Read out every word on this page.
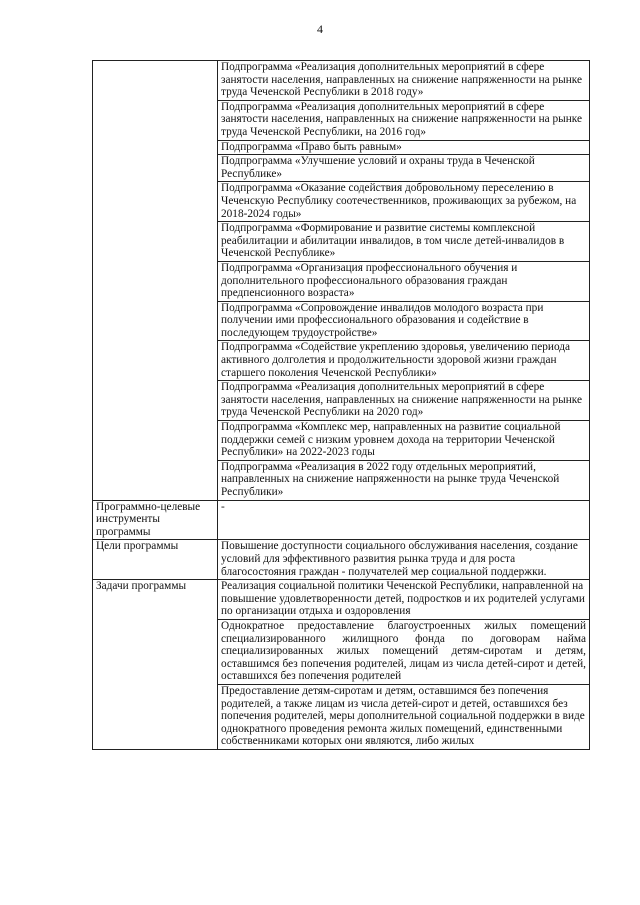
4
	Подпрограмма «Реализация дополнительных мероприятий в сфере занятости населения, направленных на снижение напряженности на рынке труда Чеченской Республики в 2018 году»
	Подпрограмма «Реализация дополнительных мероприятий в сфере занятости населения, направленных на снижение напряженности на рынке труда Чеченской Республики, на 2016 год»
	Подпрограмма «Право быть равным»
	Подпрограмма «Улучшение условий и охраны труда в Чеченской Республике»
	Подпрограмма «Оказание содействия добровольному переселению в Чеченскую Республику соотечественников, проживающих за рубежом, на 2018-2024 годы»
	Подпрограмма «Формирование и развитие системы комплексной реабилитации и абилитации инвалидов, в том числе детей-инвалидов в Чеченской Республике»
	Подпрограмма «Организация профессионального обучения и дополнительного профессионального образования граждан предпенсионного возраста»
	Подпрограмма «Сопровождение инвалидов молодого возраста при получении ими профессионального образования и содействие в последующем трудоустройстве»
	Подпрограмма «Содействие укреплению здоровья, увеличению периода активного долголетия и продолжительности здоровой жизни граждан старшего поколения Чеченской Республики»
	Подпрограмма «Реализация дополнительных мероприятий в сфере занятости населения, направленных на снижение напряженности на рынке труда Чеченской Республики на 2020 год»
	Подпрограмма «Комплекс мер, направленных на развитие социальной поддержки семей с низким уровнем дохода на территории Чеченской Республики» на 2022-2023 годы
	Подпрограмма «Реализация в 2022 году отдельных мероприятий, направленных на снижение напряженности на рынке труда Чеченской Республики»
Программно-целевые инструменты программы	-
Цели программы	Повышение доступности социального обслуживания населения, создание условий для эффективного развития рынка труда и для роста благосостояния граждан - получателей мер социальной поддержки.
Задачи программы	Реализация социальной политики Чеченской Республики, направленной на повышение удовлетворенности детей, подростков и их родителей услугами по организации отдыха и оздоровления
	Однократное предоставление благоустроенных жилых помещений специализированного жилищного фонда по договорам найма специализированных жилых помещений детям-сиротам и детям, оставшимся без попечения родителей, лицам из числа детей-сирот и детей, оставшихся без попечения родителей
	Предоставление детям-сиротам и детям, оставшимся без попечения родителей, а также лицам из числа детей-сирот и детей, оставшихся без попечения родителей, меры дополнительной социальной поддержки в виде однократного проведения ремонта жилых помещений, единственными собственниками которых они являются, либо жилых
